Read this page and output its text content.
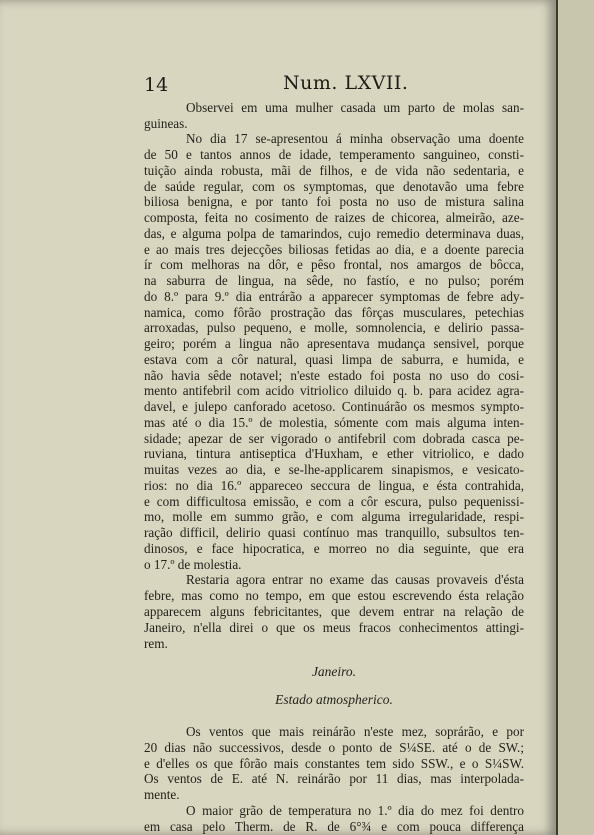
14	Num. LXVII.
Observei em uma mulher casada um parto de molas san-
guineas.
No dia 17 se-apresentou á minha observação uma doente
de 50 e tantos annos de idade, temperamento sanguineo, consti-
tuição ainda robusta, mãi de filhos, e de vida não sedentaria, e
de saúde regular, com os symptomas, que denotavão uma febre
biliosa benigna, e por tanto foi posta no uso de mistura salina
composta, feita no cosimento de raizes de chicorea, almeirão, aze-
das, e alguma polpa de tamarindos, cujo remedio determinava duas,
e ao mais tres dejecções biliosas fetidas ao dia, e a doente parecia
ír com melhoras na dôr, e pêso frontal, nos amargos de bôcca,
na saburra de lingua, na sêde, no fastío, e no pulso; porém
do 8.º para 9.º dia entrárão a apparecer symptomas de febre ady-
namica, como fôrão prostração das fôrças musculares, petechias
arroxadas, pulso pequeno, e molle, somnolencia, e delirio passa-
geiro; porém a lingua não apresentava mudança sensivel, porque
estava com a côr natural, quasi limpa de saburra, e humida, e
não havia sêde notavel; n'este estado foi posta no uso do cosi-
mento antifebril com acido vitriolico diluido q. b. para acidez agra-
davel, e julepo canforado acetoso. Continuárão os mesmos sympto-
mas até o dia 15.º de molestia, sómente com mais alguma inten-
sidade; apezar de ser vigorado o antifebril com dobrada casca pe-
ruviana, tintura antiseptica d'Huxham, e ether vitriolico, e dado
muitas vezes ao dia, e se-lhe-applicarem sinapismos, e vesicato-
rios: no dia 16.º appareceo seccura de lingua, e ésta contrahida,
e com difficultosa emissão, e com a côr escura, pulso pequenissi-
mo, molle em summo grão, e com alguma irregularidade, respi-
ração difficil, delirio quasi contínuo mas tranquillo, subsultos ten-
dinosos, e face hipocratica, e morreo no dia seguinte, que era
o 17.º de molestia.
Restaria agora entrar no exame das causas provaveis d'ésta
febre, mas como no tempo, em que estou escrevendo ésta relação
apparecem alguns febricitantes, que devem entrar na relação de
Janeiro, n'ella direi o que os meus fracos conhecimentos attingi-
rem.
Janeiro.
Estado atmospherico.
Os ventos que mais reinárão n'este mez, soprárão, e por
20 dias não successivos, desde o ponto de S¼SE. até o de SW.;
e d'elles os que fôrão mais constantes tem sido SSW., e o S¼SW.
Os ventos de E. até N. reinárão por 11 dias, mas interpolada-
mente.
O maior grão de temperatura no 1.º dia do mez foi dentro
em casa pelo Therm. de R. de 6°¾ e com pouca differença
